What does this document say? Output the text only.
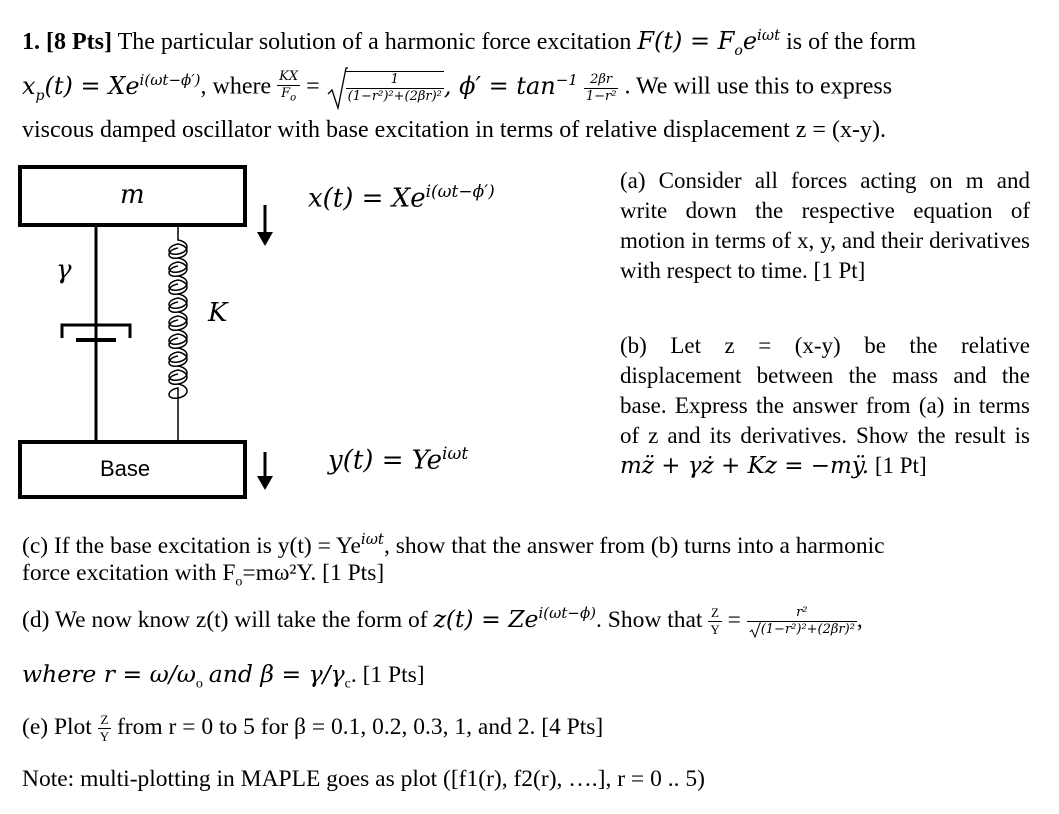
1. [8 Pts] The particular solution of a harmonic force excitation $F(t) = F_oe^{i\omega t}$ is of the form
$x_p(t) = Xe^{i(\omega t-\phi')}$, where $\frac{KX}{F_o} = \frac{1}{\text{(1−r²)²+(2βr)²}}$ , $\phi' = \tan^{-1} \frac{2\beta r}{\text{1−r²}}$ . We will use this to express
viscous damped oscillator with base excitation in terms of relative displacement z = (x-y).
m
γ
K
Base
$x(t) = Xe^{i(\omega t-\phi')}$
$y(t) = Ye^{i\omega t}$

(a) Consider all forces acting on m and write down the respective equation of motion in terms of x, y, and their derivatives with respect to time. [1 Pt]

(b) Let z = (x-y) be the relative displacement between the mass and the base. Express the answer from (a) in terms of z and its derivatives. Show the result is mz̈ + γż + Kz = −mÿ. [1 Pt]

(c) If the base excitation is $y(t) = Ye^{i\omega t}$, show that the answer from (b) turns into a harmonic
force excitation with $F_o=m\omega^2Y$. [1 Pts]
(d) We now know z(t) will take the form of $z(t) = Ze^{i(\omega t-\phi)}$. Show that $\frac{Z}{Y} = \frac{\text{r²}}{\text{(1−r²)²+(2βr)²}}$ ,
where $r = \omega/\omega_o$ and $\beta = \gamma/\gamma_c$. [1 Pts]
(e) Plot $\frac{Z}{Y}$ from r = 0 to 5 for β = 0.1, 0.2, 0.3, 1, and 2. [4 Pts]
Note: multi-plotting in MAPLE goes as plot ([f1(r), f2(r), ….], r = 0 .. 5)
